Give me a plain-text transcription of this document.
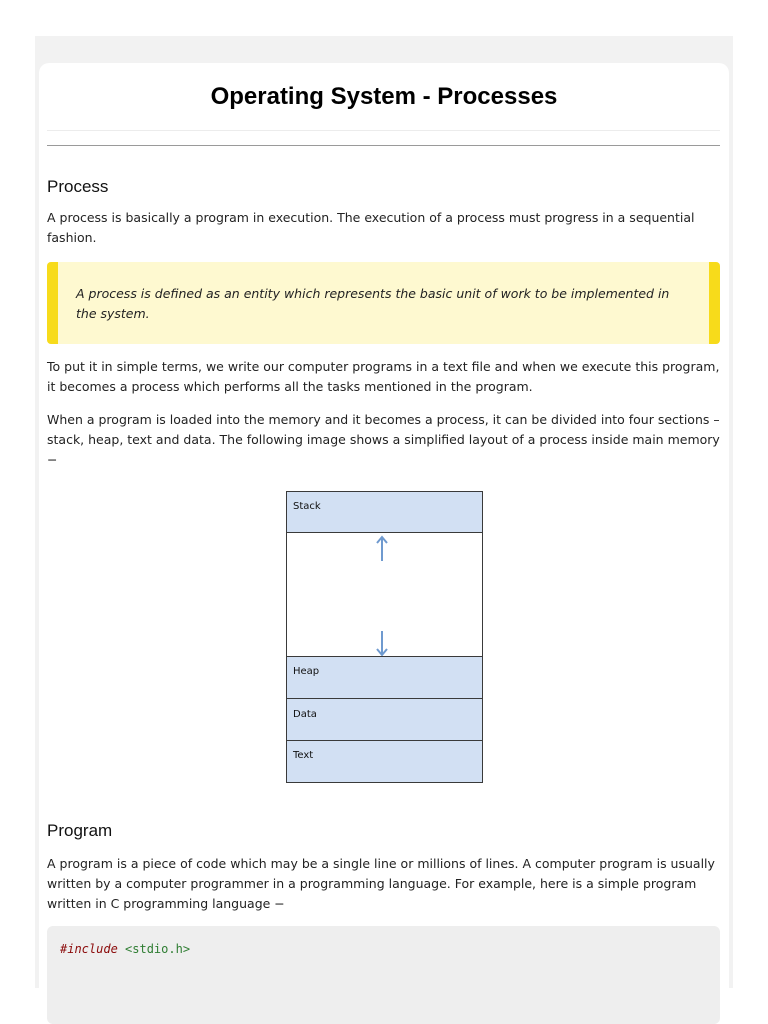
Operating System - Processes
Process

A process is basically a program in execution. The execution of a process must progress in a sequential fashion.

A process is defined as an entity which represents the basic unit of work to be implemented in the system.

To put it in simple terms, we write our computer programs in a text file and when we execute this program, it becomes a process which performs all the tasks mentioned in the program.

When a program is loaded into the memory and it becomes a process, it can be divided into four sections – stack, heap, text and data. The following image shows a simplified layout of a process inside main memory −

Stack
Heap
Data
Text
Program

A program is a piece of code which may be a single line or millions of lines. A computer program is usually written by a computer programmer in a programming language. For example, here is a simple program written in C programming language −

#include <stdio.h>
